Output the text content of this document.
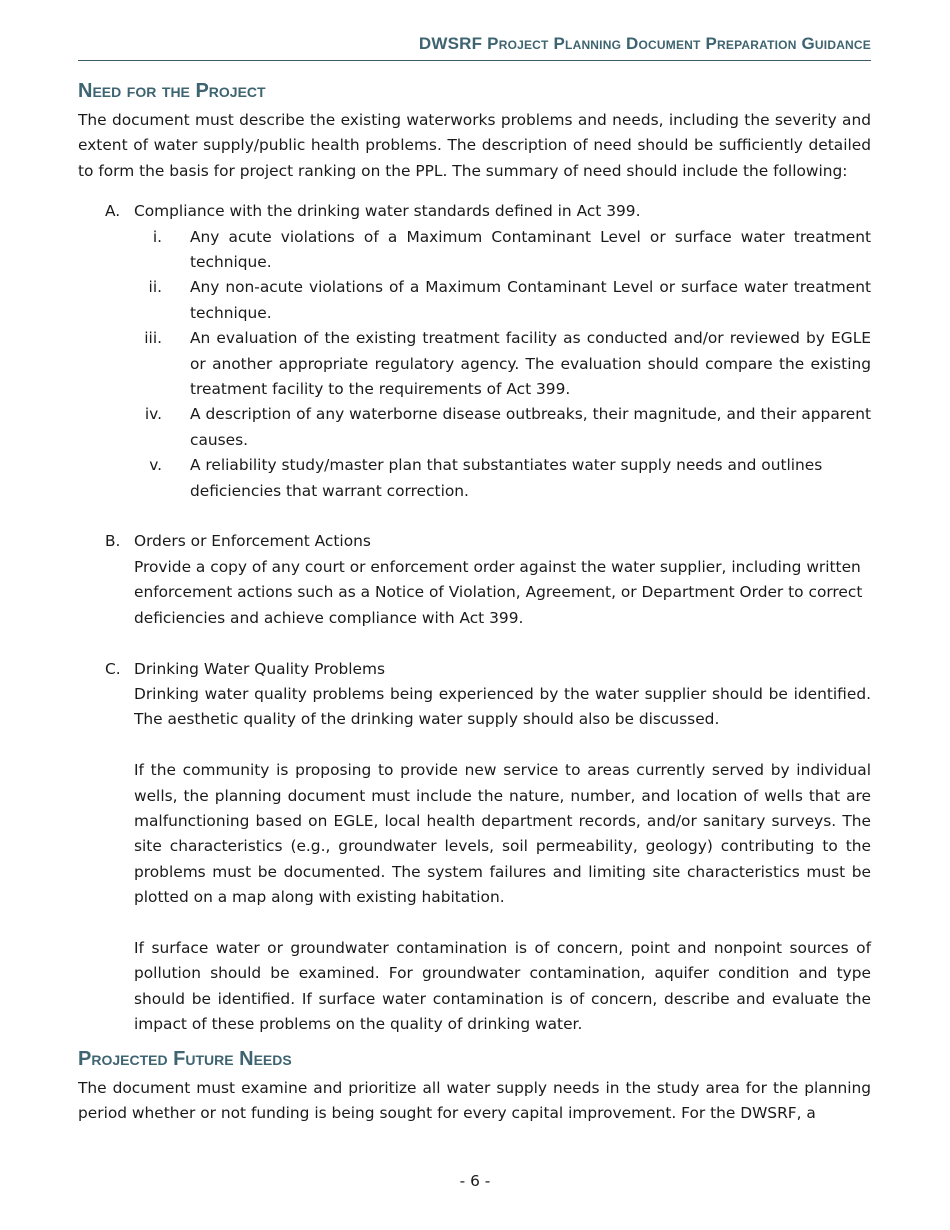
DWSRF Project Planning Document Preparation Guidance
Need for the Project

The document must describe the existing waterworks problems and needs, including the severity and extent of water supply/public health problems. The description of need should be sufficiently detailed to form the basis for project ranking on the PPL. The summary of need should include the following:

A. Compliance with the drinking water standards defined in Act 399.
i. Any acute violations of a Maximum Contaminant Level or surface water treatment technique.
ii. Any non-acute violations of a Maximum Contaminant Level or surface water treatment technique.
iii. An evaluation of the existing treatment facility as conducted and/or reviewed by EGLE or another appropriate regulatory agency. The evaluation should compare the existing treatment facility to the requirements of Act 399.
iv. A description of any waterborne disease outbreaks, their magnitude, and their apparent causes.
v. A reliability study/master plan that substantiates water supply needs and outlines deficiencies that warrant correction.
B. Orders or Enforcement Actions
Provide a copy of any court or enforcement order against the water supplier, including written enforcement actions such as a Notice of Violation, Agreement, or Department Order to correct deficiencies and achieve compliance with Act 399.
C. Drinking Water Quality Problems
Drinking water quality problems being experienced by the water supplier should be identified. The aesthetic quality of the drinking water supply should also be discussed.
If the community is proposing to provide new service to areas currently served by individual wells, the planning document must include the nature, number, and location of wells that are malfunctioning based on EGLE, local health department records, and/or sanitary surveys. The site characteristics (e.g., groundwater levels, soil permeability, geology) contributing to the problems must be documented. The system failures and limiting site characteristics must be plotted on a map along with existing habitation.
If surface water or groundwater contamination is of concern, point and nonpoint sources of pollution should be examined. For groundwater contamination, aquifer condition and type should be identified. If surface water contamination is of concern, describe and evaluate the impact of these problems on the quality of drinking water.
Projected Future Needs

The document must examine and prioritize all water supply needs in the study area for the planning period whether or not funding is being sought for every capital improvement. For the DWSRF, a

- 6 -
